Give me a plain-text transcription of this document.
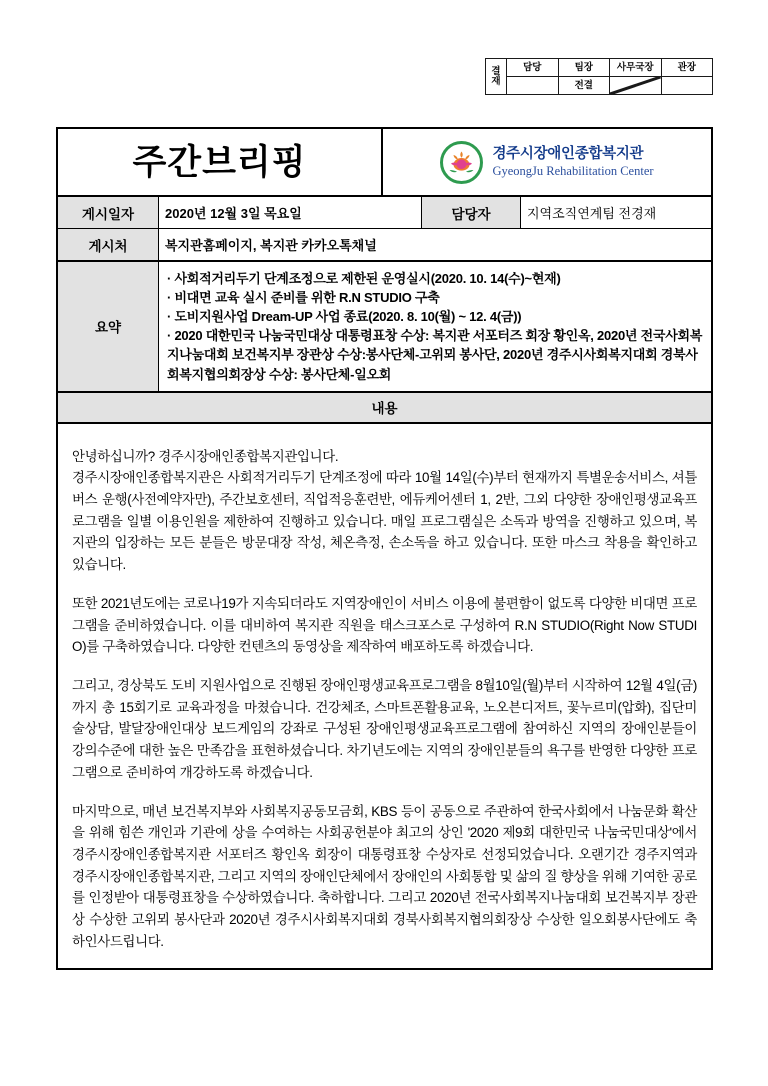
결
재	담당	팀장	사무국장	관장
		전결	

주간브리핑	경주시장애인종합복지관
GyeongJu Rehabilitation Center
게시일자	2020년 12월 3일 목요일	담당자	지역조직연계팀 전경재
게시처	복지관홈페이지, 복지관 카카오톡채널
요약

· 사회적거리두기 단계조정으로 제한된 운영실시(2020. 10. 14(수)~현재)

· 비대면 교육 실시 준비를 위한 R.N STUDIO 구축

· 도비지원사업 Dream-UP 사업 종료(2020. 8. 10(월) ~ 12. 4(금))

· 2020 대한민국 나눔국민대상 대통령표창 수상: 복지관 서포터즈 회장 황인옥, 2020년 전국사회복지나눔대회 보건복지부 장관상 수상:봉사단체-고위뫼 봉사단, 2020년 경주시사회복지대회 경북사회복지협의회장상 수상: 봉사단체-일오회

내용

안녕하십니까? 경주시장애인종합복지관입니다.
경주시장애인종합복지관은 사회적거리두기 단계조정에 따라 10월 14일(수)부터 현재까지 특별운송서비스, 셔틀버스 운행(사전예약자만), 주간보호센터, 직업적응훈련반, 에듀케어센터 1, 2반, 그외 다양한 장애인평생교육프로그램을 일별 이용인원을 제한하여 진행하고 있습니다. 매일 프로그램실은 소독과 방역을 진행하고 있으며, 복지관의 입장하는 모든 분들은 방문대장 작성, 체온측정, 손소독을 하고 있습니다. 또한 마스크 착용을 확인하고 있습니다.

또한 2021년도에는 코로나19가 지속되더라도 지역장애인이 서비스 이용에 불편함이 없도록 다양한 비대면 프로그램을 준비하였습니다. 이를 대비하여 복지관 직원을 태스크포스로 구성하여 R.N STUDIO(Right Now STUDIO)를 구축하였습니다. 다양한 컨텐츠의 동영상을 제작하여 배포하도록 하겠습니다.

그리고, 경상북도 도비 지원사업으로 진행된 장애인평생교육프로그램을 8월10일(월)부터 시작하여 12월 4일(금)까지 총 15회기로 교육과정을 마쳤습니다. 건강체조, 스마트폰활용교육, 노오븐디저트, 꽃누르미(압화), 집단미술상담, 발달장애인대상 보드게임의 강좌로 구성된 장애인평생교육프로그램에 참여하신 지역의 장애인분들이 강의수준에 대한 높은 만족감을 표현하셨습니다. 차기년도에는 지역의 장애인분들의 욕구를 반영한 다양한 프로그램으로 준비하여 개강하도록 하겠습니다.

마지막으로, 매년 보건복지부와 사회복지공동모금회, KBS 등이 공동으로 주관하여 한국사회에서 나눔문화 확산을 위해 힘쓴 개인과 기관에 상을 수여하는 사회공헌분야 최고의 상인 '2020 제9회 대한민국 나눔국민대상'에서 경주시장애인종합복지관 서포터즈 황인옥 회장이 대통령표창 수상자로 선정되었습니다. 오랜기간 경주지역과 경주시장애인종합복지관, 그리고 지역의 장애인단체에서 장애인의 사회통합 및 삶의 질 향상을 위해 기여한 공로를 인정받아 대통령표창을 수상하였습니다. 축하합니다. 그리고 2020년 전국사회복지나눔대회 보건복지부 장관상 수상한 고위뫼 봉사단과 2020년 경주시사회복지대회 경북사회복지협의회장상 수상한 일오회봉사단에도 축하인사드립니다.
